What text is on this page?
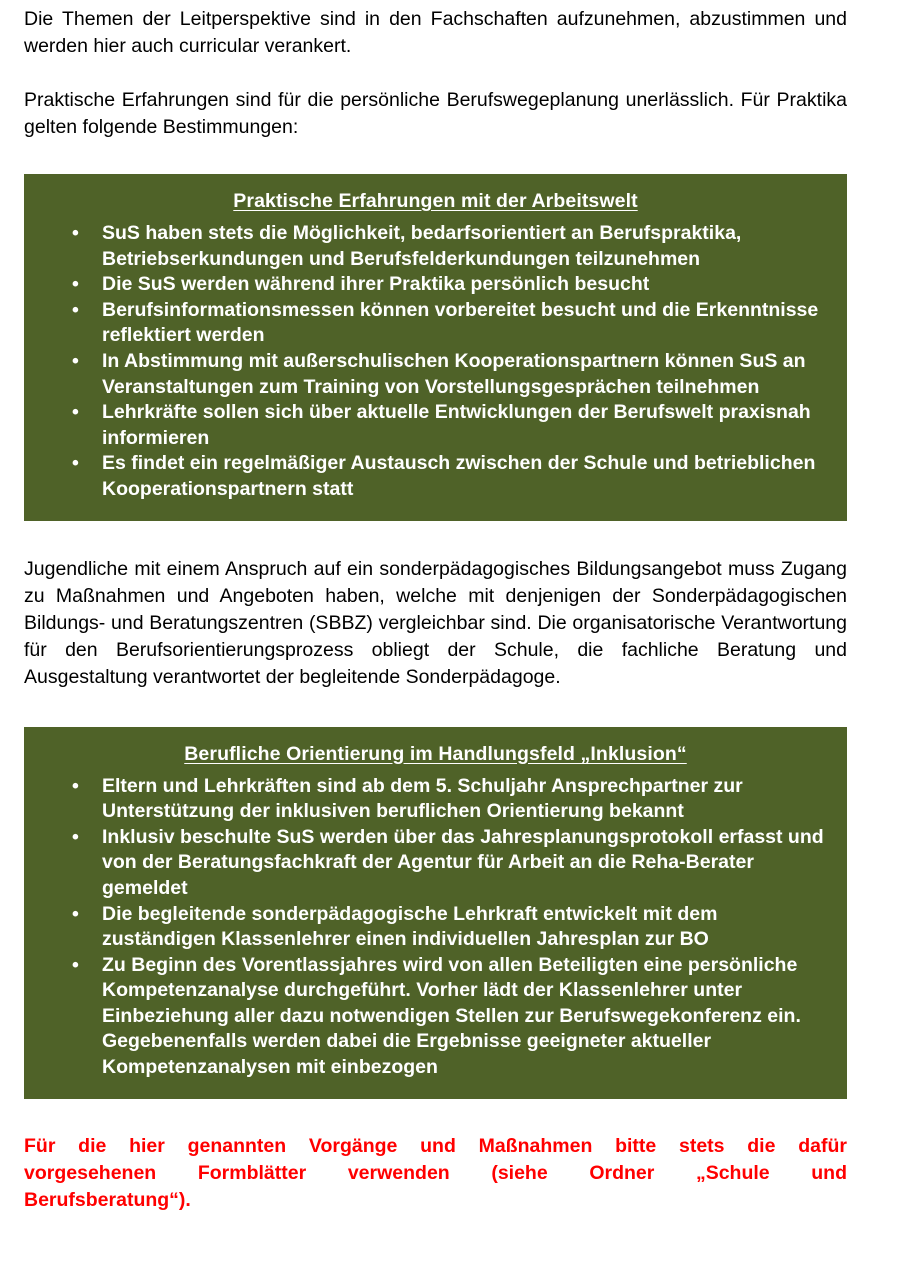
Die Themen der Leitperspektive sind in den Fachschaften aufzunehmen, abzustimmen und werden hier auch curricular verankert.

Praktische Erfahrungen sind für die persönliche Berufswegeplanung unerlässlich. Für Praktika gelten folgende Bestimmungen:

Praktische Erfahrungen mit der Arbeitswelt
• SuS haben stets die Möglichkeit, bedarfsorientiert an Berufspraktika, Betriebserkundungen und Berufsfelderkundungen teilzunehmen
• Die SuS werden während ihrer Praktika persönlich besucht
• Berufsinformationsmessen können vorbereitet besucht und die Erkenntnisse reflektiert werden
• In Abstimmung mit außerschulischen Kooperationspartnern können SuS an Veranstaltungen zum Training von Vorstellungsgesprächen teilnehmen
• Lehrkräfte sollen sich über aktuelle Entwicklungen der Berufswelt praxisnah informieren
• Es findet ein regelmäßiger Austausch zwischen der Schule und betrieblichen Kooperationspartnern statt

Jugendliche mit einem Anspruch auf ein sonderpädagogisches Bildungsangebot muss Zugang zu Maßnahmen und Angeboten haben, welche mit denjenigen der Sonderpädagogischen Bildungs- und Beratungszentren (SBBZ) vergleichbar sind. Die organisatorische Verantwortung für den Berufsorientierungsprozess obliegt der Schule, die fachliche Beratung und Ausgestaltung verantwortet der begleitende Sonderpädagoge.

Berufliche Orientierung im Handlungsfeld „Inklusion“
• Eltern und Lehrkräften sind ab dem 5. Schuljahr Ansprechpartner zur Unterstützung der inklusiven beruflichen Orientierung bekannt
• Inklusiv beschulte SuS werden über das Jahresplanungsprotokoll erfasst und von der Beratungsfachkraft der Agentur für Arbeit an die Reha-Berater gemeldet
• Die begleitende sonderpädagogische Lehrkraft entwickelt mit dem zuständigen Klassenlehrer einen individuellen Jahresplan zur BO
• Zu Beginn des Vorentlassjahres wird von allen Beteiligten eine persönliche Kompetenzanalyse durchgeführt. Vorher lädt der Klassenlehrer unter Einbeziehung aller dazu notwendigen Stellen zur Berufswegekonferenz ein. Gegebenenfalls werden dabei die Ergebnisse geeigneter aktueller Kompetenzanalysen mit einbezogen
Für die hier genannten Vorgänge und Maßnahmen bitte stets die dafür
vorgesehenen Formblätter verwenden (siehe Ordner „Schule und
Berufsberatung“).
